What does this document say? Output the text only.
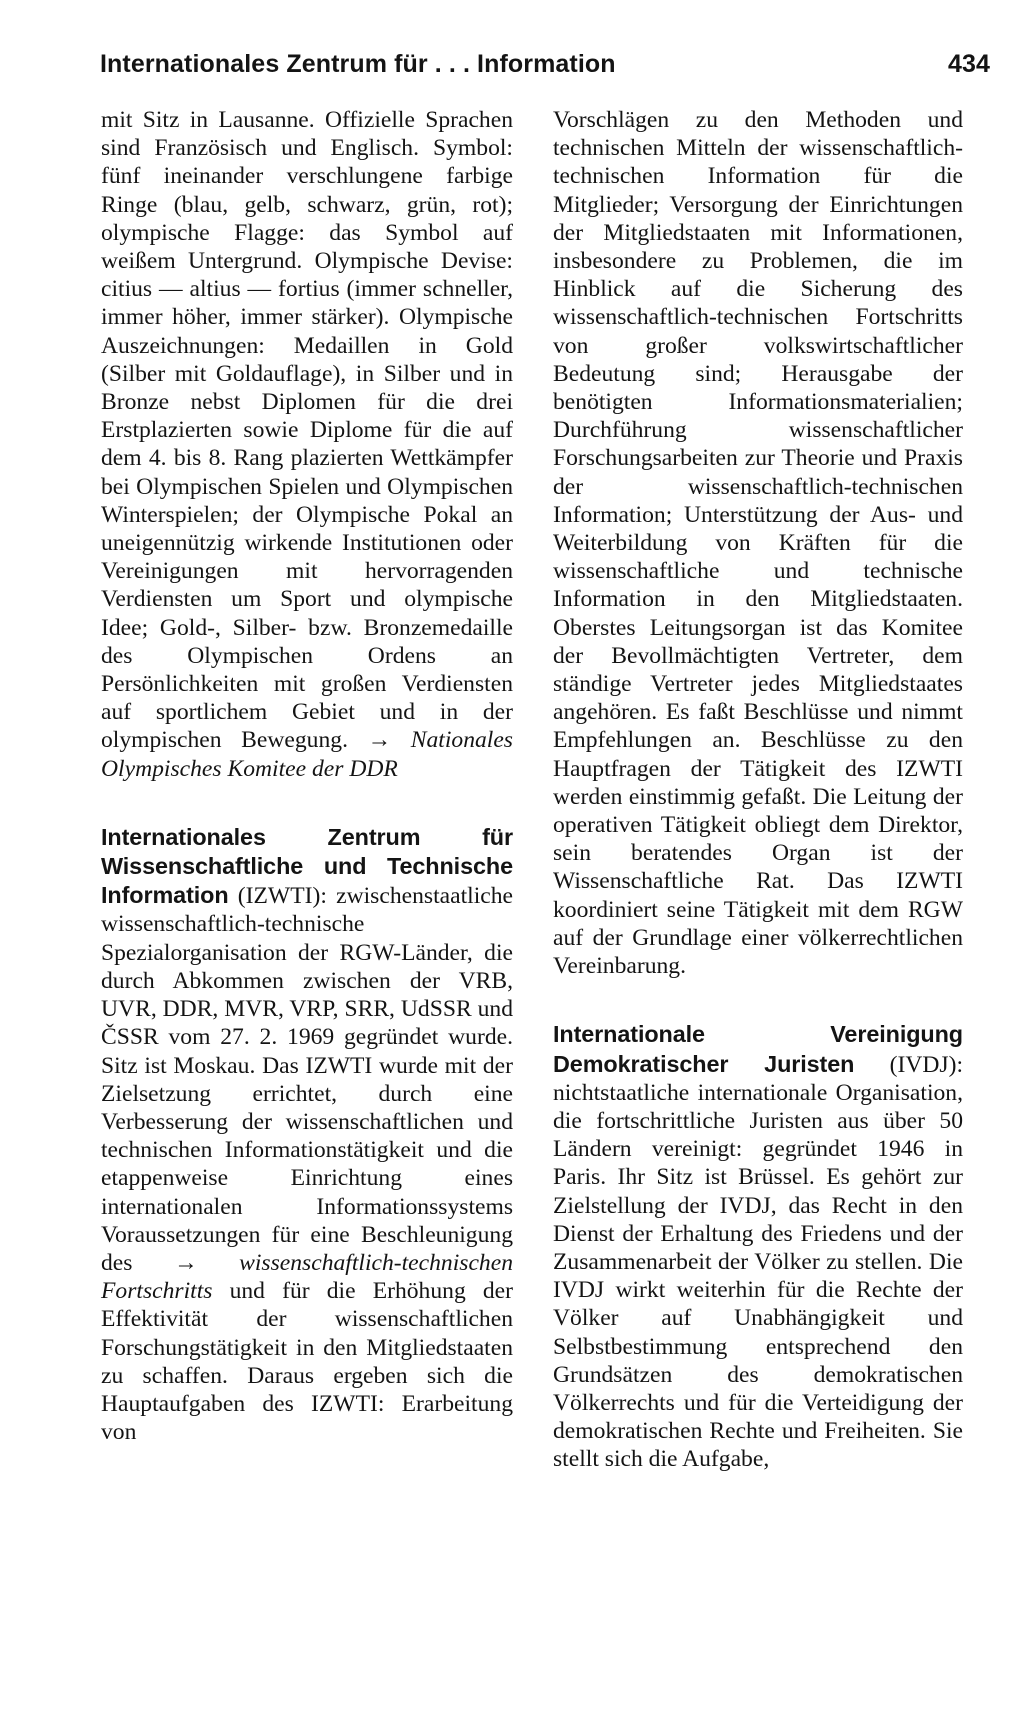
Internationales Zentrum für . . . Information	434

mit Sitz in Lausanne. Offizielle Sprachen sind Französisch und Englisch. Symbol: fünf ineinander verschlungene farbige Ringe (blau, gelb, schwarz, grün, rot); olympische Flagge: das Symbol auf weißem Untergrund. Olympische Devise: citius — altius — fortius (immer schneller, immer höher, immer stärker). Olympische Auszeichnungen: Medaillen in Gold (Silber mit Goldauflage), in Silber und in Bronze nebst Diplomen für die drei Erstplazierten sowie Diplome für die auf dem 4. bis 8. Rang plazierten Wettkämpfer bei Olympischen Spielen und Olympischen Winterspielen; der Olympische Pokal an uneigennützig wirkende Institutionen oder Vereinigungen mit hervorragenden Verdiensten um Sport und olympische Idee; Gold-, Silber- bzw. Bronzemedaille des Olympischen Ordens an Persönlichkeiten mit großen Verdiensten auf sportlichem Gebiet und in der olympischen Bewegung. → Nationales Olympisches Komitee der DDR

Internationales Zentrum für Wissenschaftliche und Technische Information (IZWTI): zwischenstaatliche wissenschaftlich-technische Spezialorganisation der RGW-Länder, die durch Abkommen zwischen der VRB, UVR, DDR, MVR, VRP, SRR, UdSSR und ČSSR vom 27. 2. 1969 gegründet wurde. Sitz ist Moskau. Das IZWTI wurde mit der Zielsetzung errichtet, durch eine Verbesserung der wissenschaftlichen und technischen Informationstätigkeit und die etappenweise Einrichtung eines internationalen Informationssystems Voraussetzungen für eine Beschleunigung des → wissenschaftlich-technischen Fortschritts und für die Erhöhung der Effektivität der wissenschaftlichen Forschungstätigkeit in den Mitgliedstaaten zu schaffen. Daraus ergeben sich die Hauptaufgaben des IZWTI: Erarbeitung von

Vorschlägen zu den Methoden und technischen Mitteln der wissenschaftlich-technischen Information für die Mitglieder; Versorgung der Einrichtungen der Mitgliedstaaten mit Informationen, insbesondere zu Problemen, die im Hinblick auf die Sicherung des wissenschaftlich-technischen Fortschritts von großer volkswirtschaftlicher Bedeutung sind; Herausgabe der benötigten Informationsmaterialien; Durchführung wissenschaftlicher Forschungsarbeiten zur Theorie und Praxis der wissenschaftlich-technischen Information; Unterstützung der Aus- und Weiterbildung von Kräften für die wissenschaftliche und technische Information in den Mitgliedstaaten. Oberstes Leitungsorgan ist das Komitee der Bevollmächtigten Vertreter, dem ständige Vertreter jedes Mitgliedstaates angehören. Es faßt Beschlüsse und nimmt Empfehlungen an. Beschlüsse zu den Hauptfragen der Tätigkeit des IZWTI werden einstimmig gefaßt. Die Leitung der operativen Tätigkeit obliegt dem Direktor, sein beratendes Organ ist der Wissenschaftliche Rat. Das IZWTI koordiniert seine Tätigkeit mit dem RGW auf der Grundlage einer völkerrechtlichen Vereinbarung.

Internationale Vereinigung Demokratischer Juristen (IVDJ): nichtstaatliche internationale Organisation, die fortschrittliche Juristen aus über 50 Ländern vereinigt: gegründet 1946 in Paris. Ihr Sitz ist Brüssel. Es gehört zur Zielstellung der IVDJ, das Recht in den Dienst der Erhaltung des Friedens und der Zusammenarbeit der Völker zu stellen. Die IVDJ wirkt weiterhin für die Rechte der Völker auf Unabhängigkeit und Selbstbestimmung entsprechend den Grundsätzen des demokratischen Völkerrechts und für die Verteidigung der demokratischen Rechte und Freiheiten. Sie stellt sich die Aufgabe,
